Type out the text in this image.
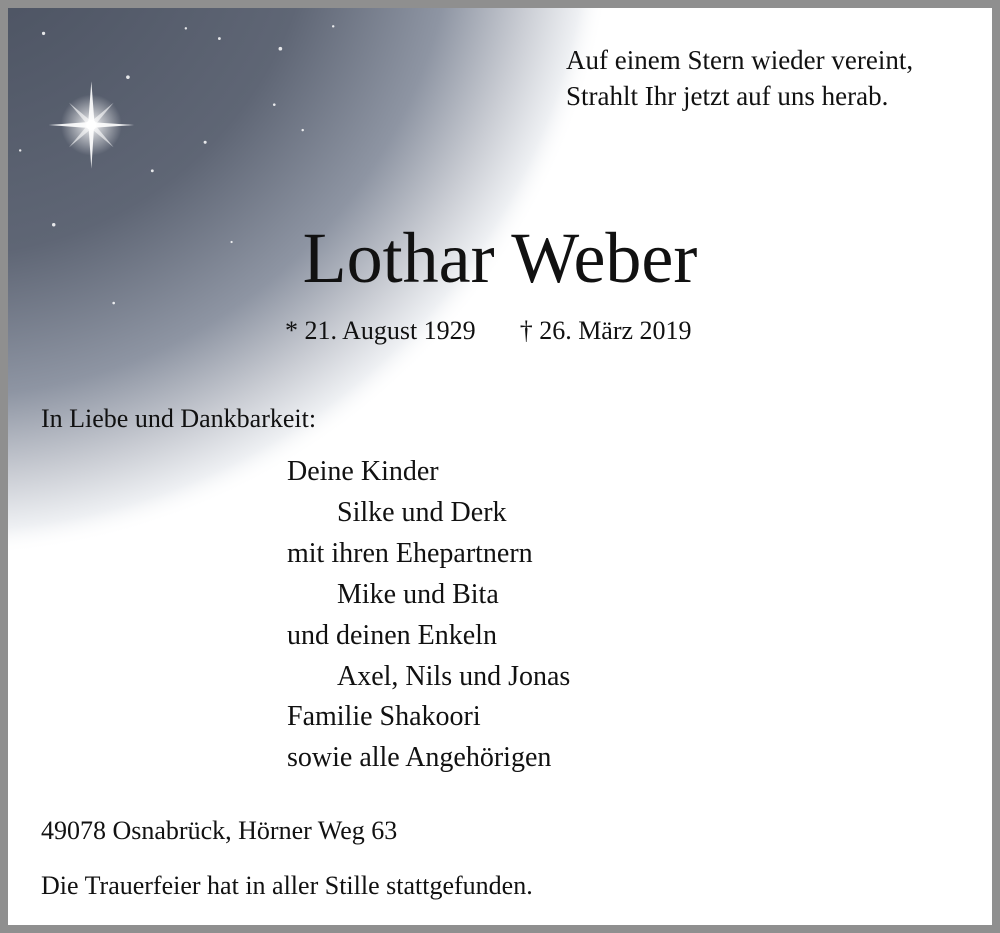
Auf einem Stern wieder vereint,
Strahlt Ihr jetzt auf uns herab.
Lothar Weber
* 21. August 1929 † 26. März 2019
In Liebe und Dankbarkeit:
Deine Kinder
Silke und Derk
mit ihren Ehepartnern
Mike und Bita
und deinen Enkeln
Axel, Nils und Jonas
Familie Shakoori
sowie alle Angehörigen
49078 Osnabrück, Hörner Weg 63
Die Trauerfeier hat in aller Stille stattgefunden.
